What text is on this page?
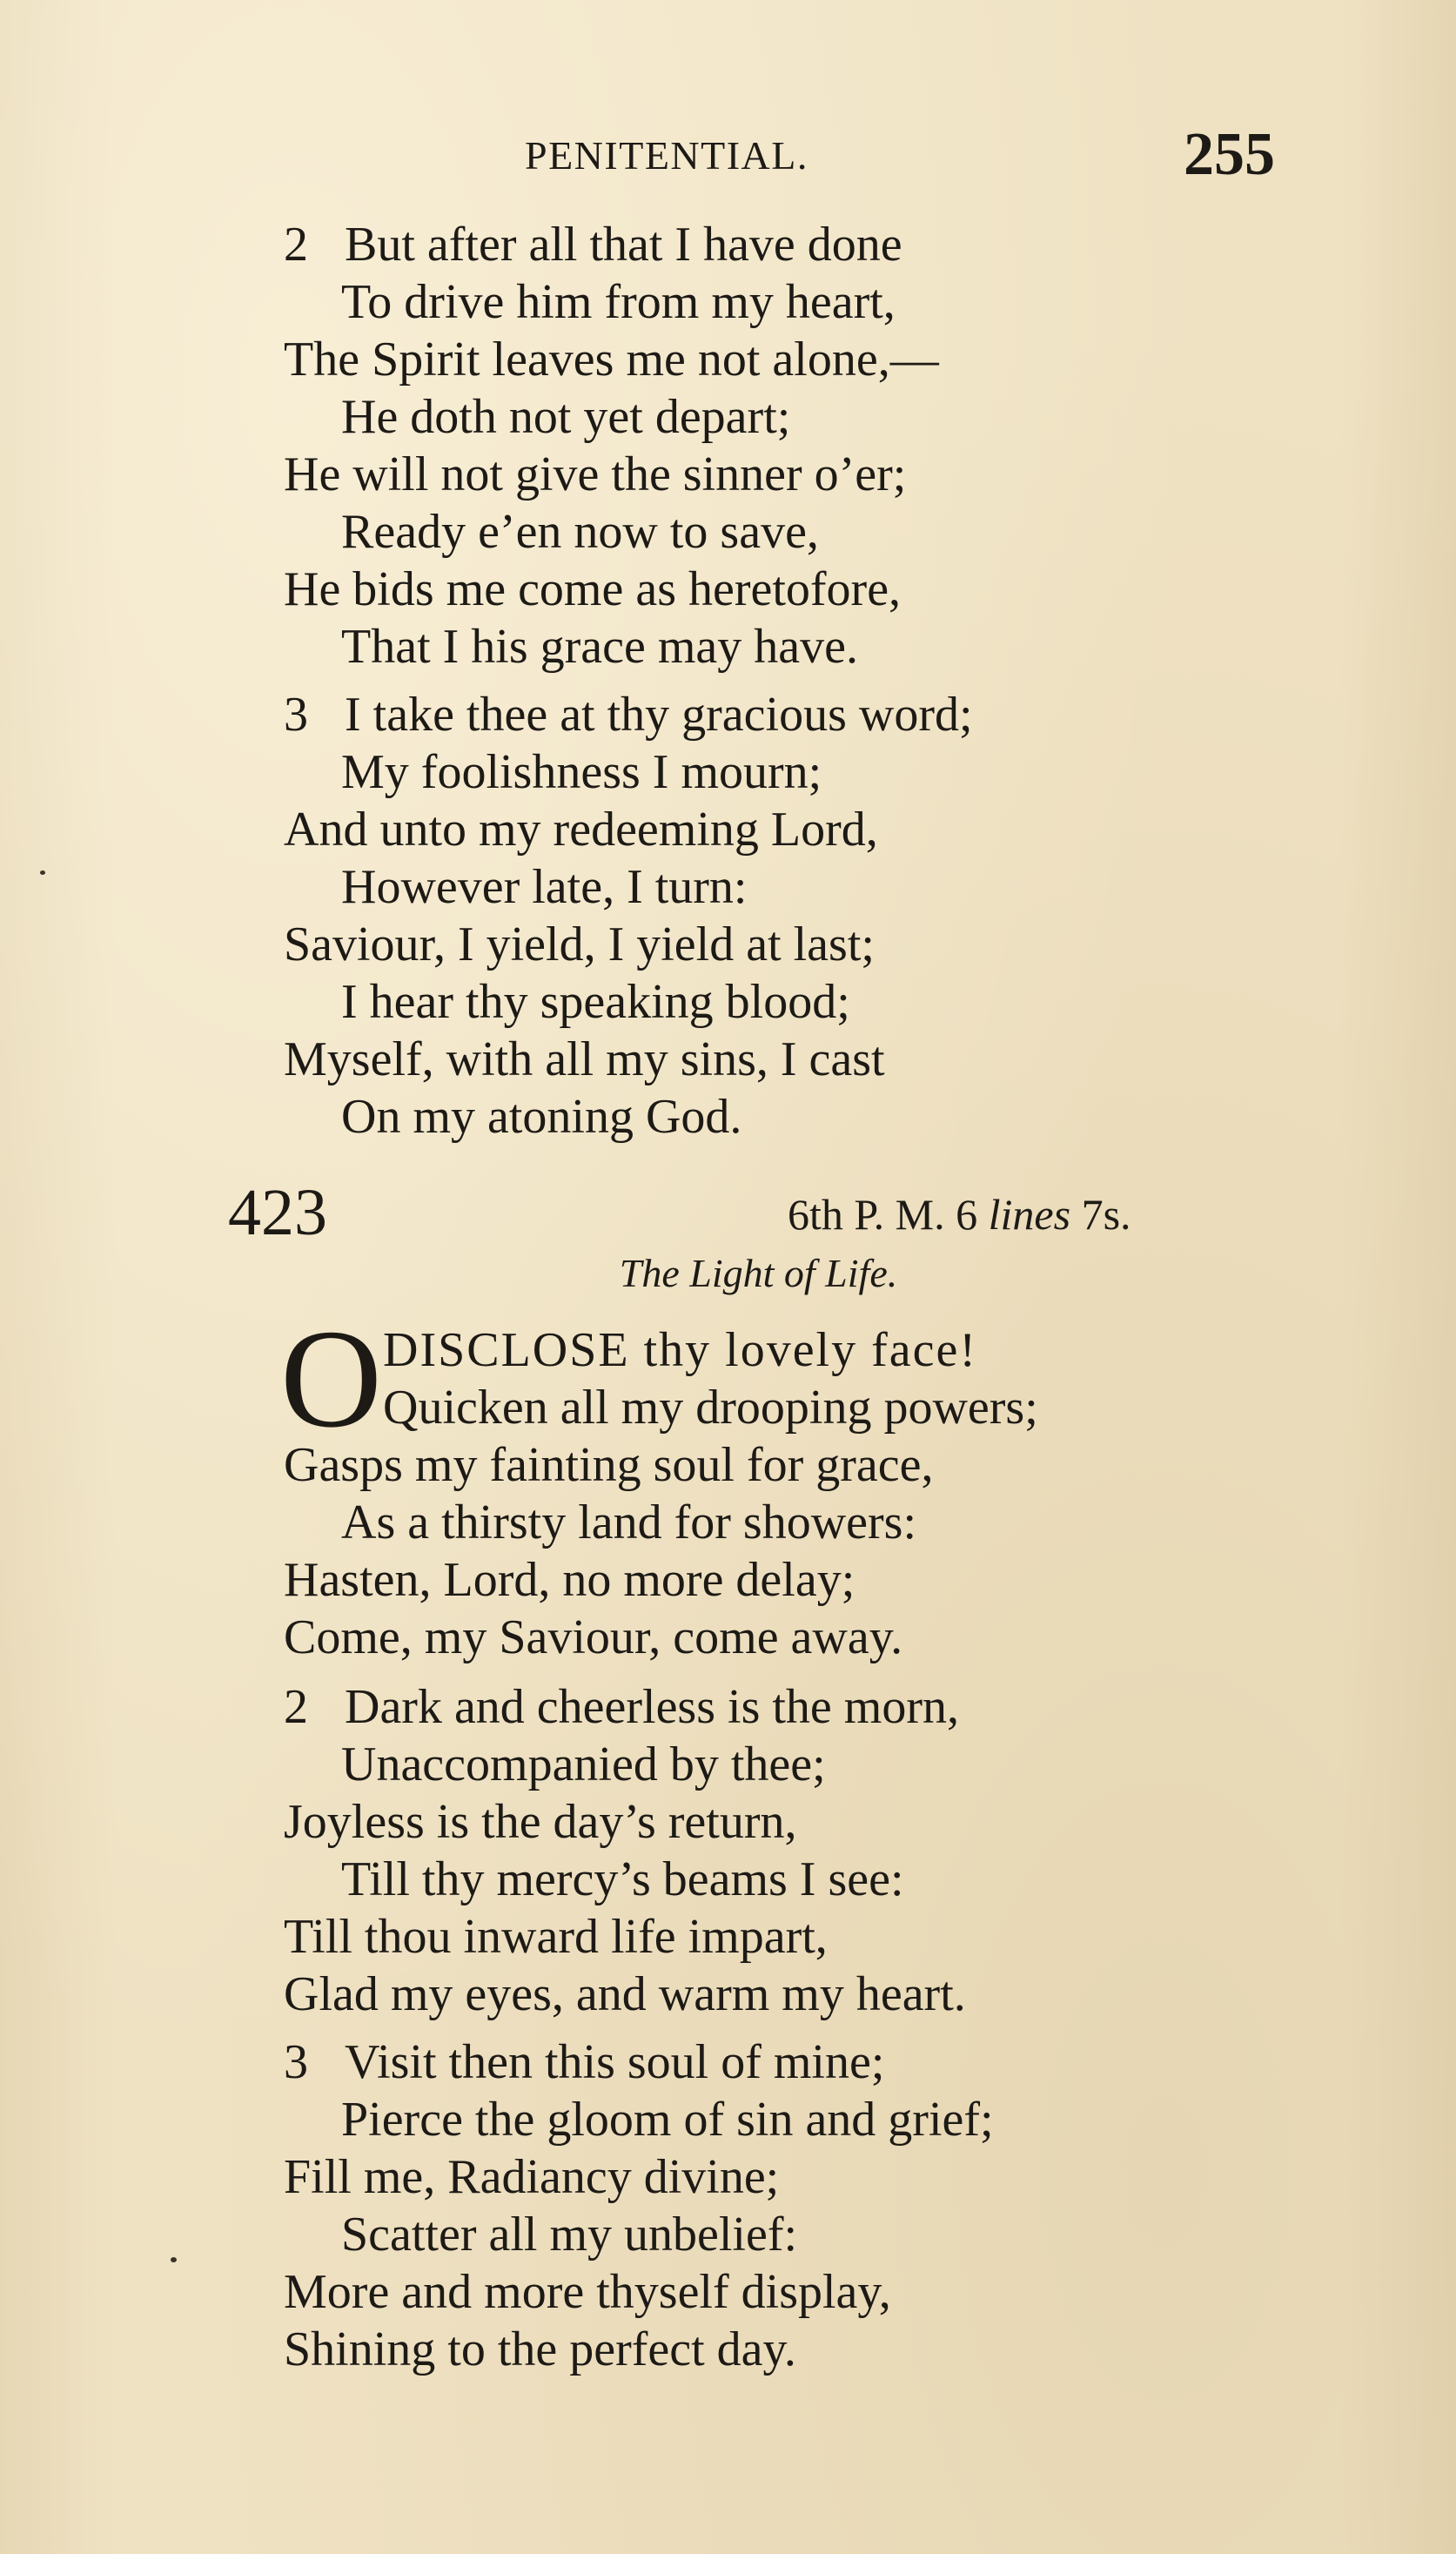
PENITENTIAL.	255
2 But after all that I have done
To drive him from my heart,
The Spirit leaves me not alone,—
He doth not yet depart;
He will not give the sinner o’er;
Ready e’en now to save,
He bids me come as heretofore,
That I his grace may have.
3 I take thee at thy gracious word;
My foolishness I mourn;
And unto my redeeming Lord,
However late, I turn:
Saviour, I yield, I yield at last;
I hear thy speaking blood;
Myself, with all my sins, I cast
On my atoning God.
423	6th P. M. 6 lines 7s.
The Light of Life.
O DISCLOSE thy lovely face!
Quicken all my drooping powers;
Gasps my fainting soul for grace,
As a thirsty land for showers:
Hasten, Lord, no more delay;
Come, my Saviour, come away.
2 Dark and cheerless is the morn,
Unaccompanied by thee;
Joyless is the day’s return,
Till thy mercy’s beams I see:
Till thou inward life impart,
Glad my eyes, and warm my heart.
3 Visit then this soul of mine;
Pierce the gloom of sin and grief;
Fill me, Radiancy divine;
Scatter all my unbelief:
More and more thyself display,
Shining to the perfect day.
